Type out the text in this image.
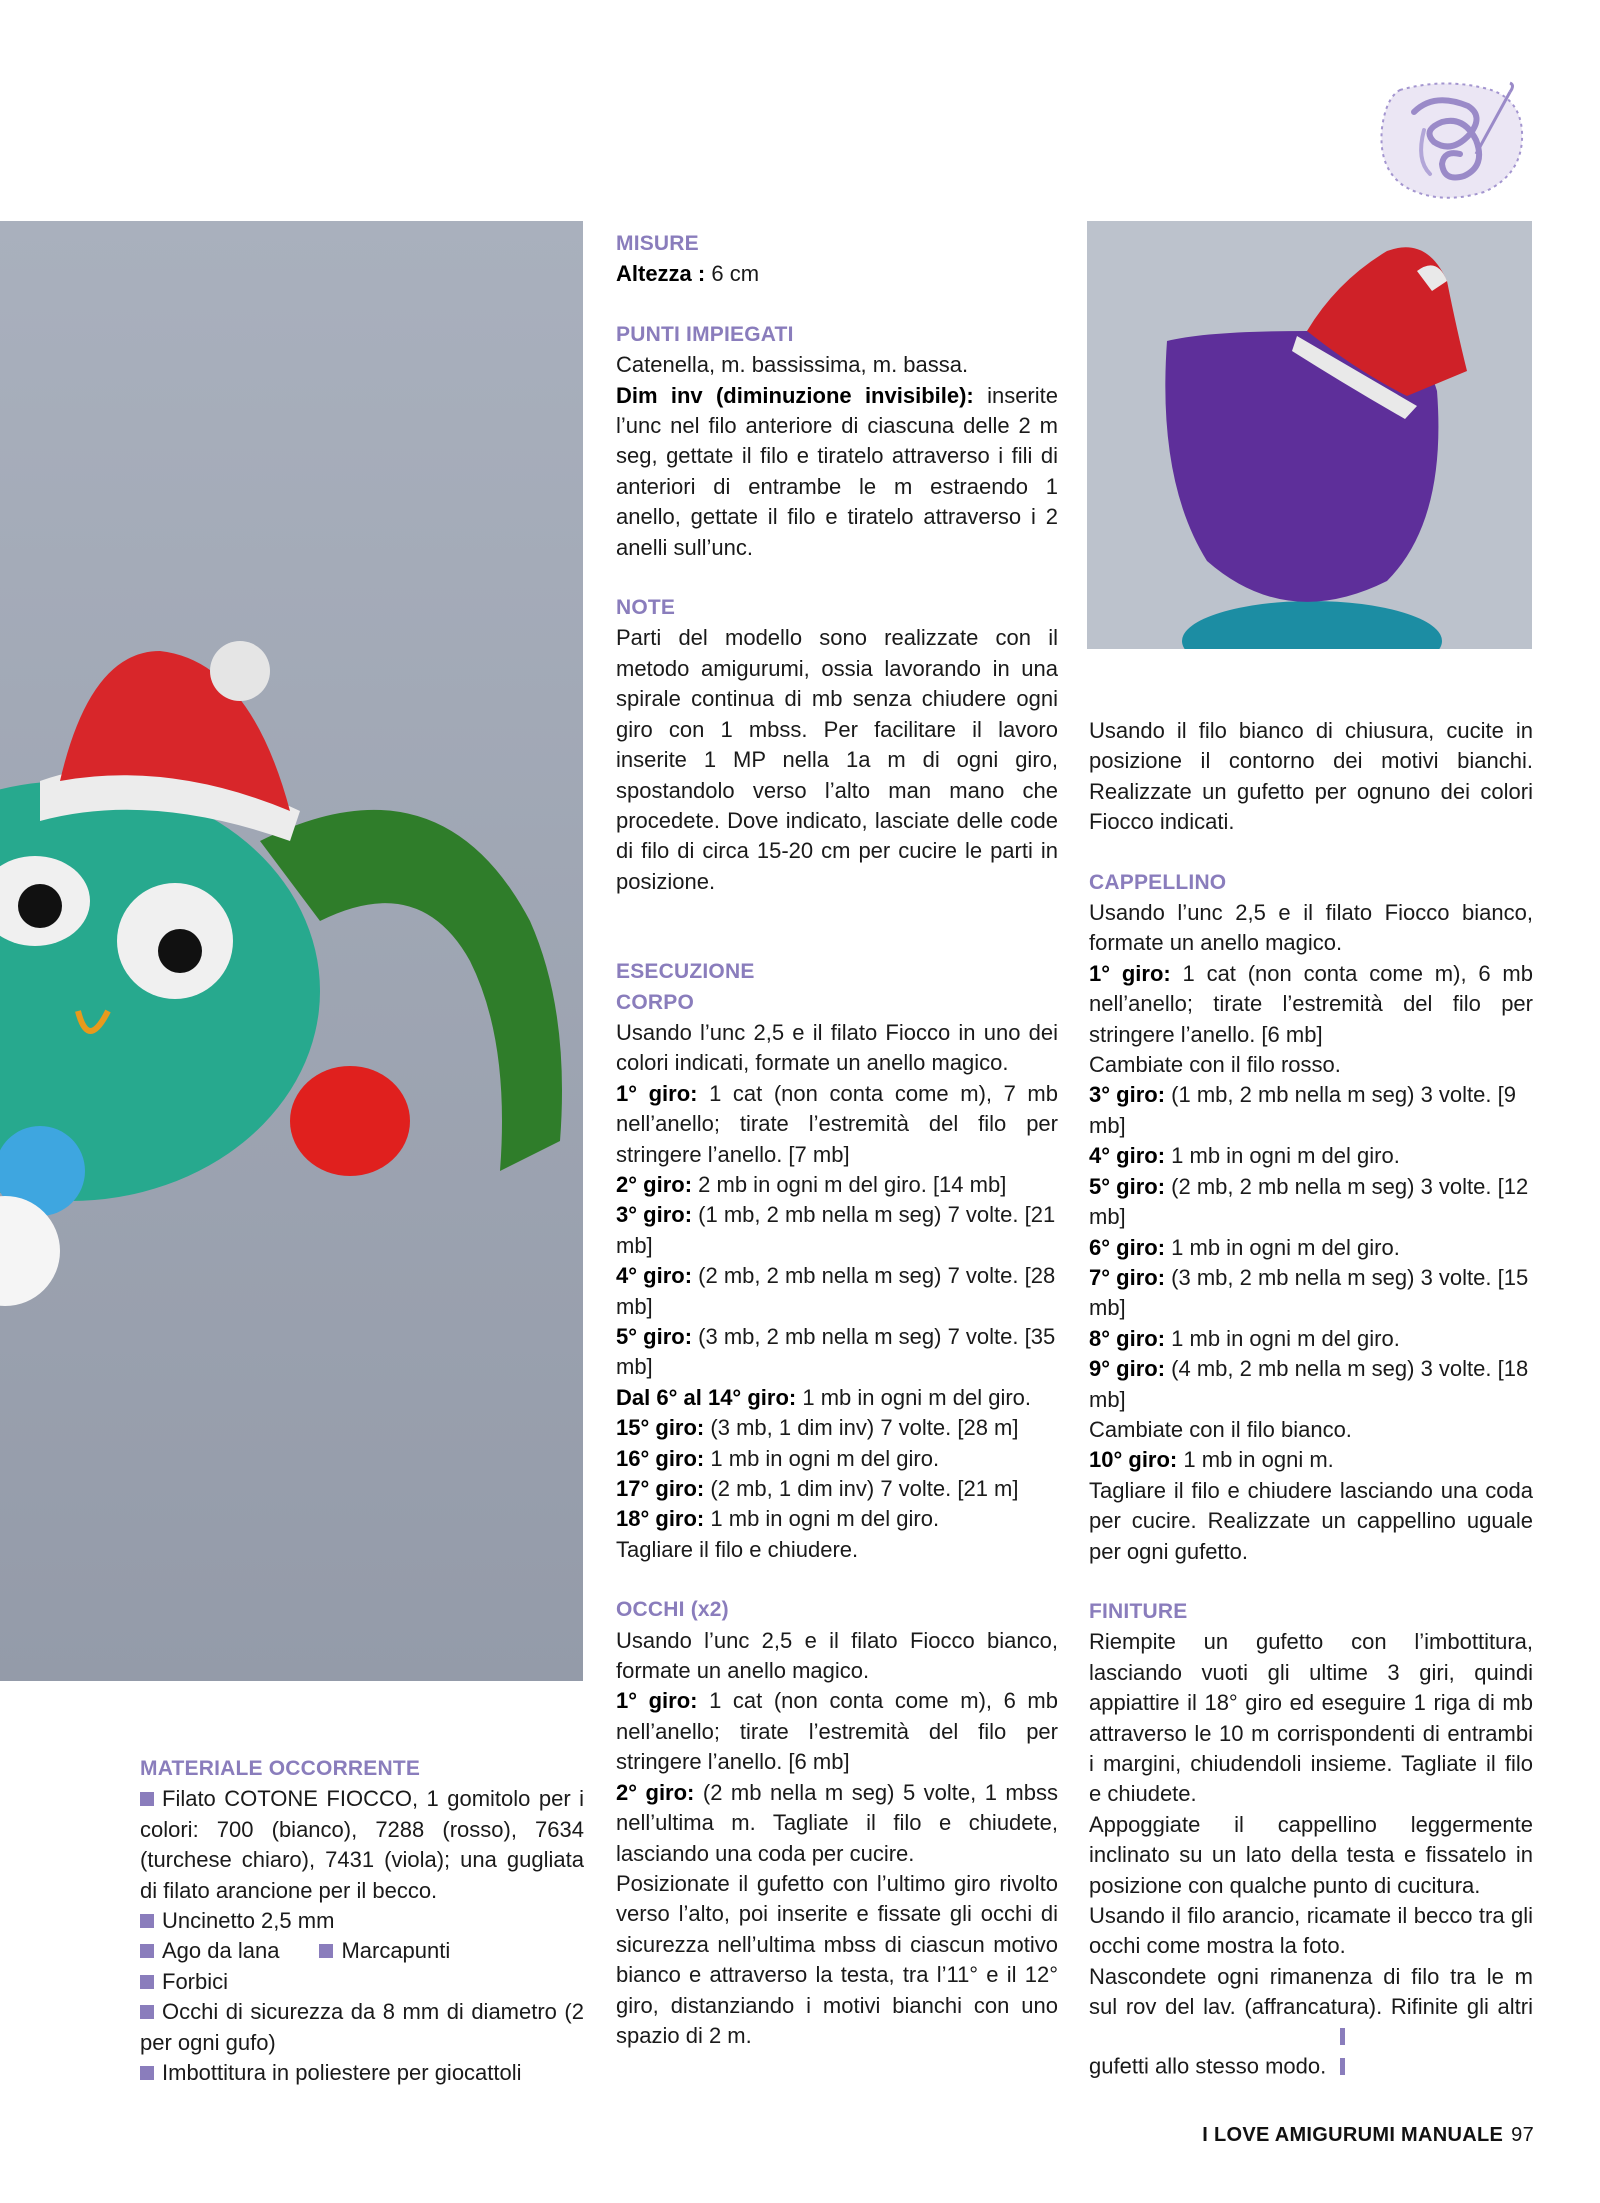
MISURE

Altezza : 6 cm

PUNTI IMPIEGATI

Catenella, m. bassissima, m. bassa.

Dim inv (diminuzione invisibile): inserite l’unc nel filo anteriore di ciascuna delle 2 m seg, gettate il filo e tiratelo attraverso i fili di anteriori di entrambe le m estraendo 1 anello, gettate il filo e tiratelo attraverso i 2 anelli sull’unc.

NOTE

Parti del modello sono realizzate con il metodo amigurumi, ossia lavorando in una spirale continua di mb senza chiudere ogni giro con 1 mbss. Per facilitare il lavoro inserite 1 MP nella 1a m di ogni giro, spostandolo verso l’alto man mano che procedete. Dove indicato, lasciate delle code di filo di circa 15-20 cm per cucire le parti in posizione.

ESECUZIONE

CORPO

Usando l’unc 2,5 e il filato Fiocco in uno dei colori indicati, formate un anello magico.

1° giro: 1 cat (non conta come m), 7 mb nell’anello; tirate l’estremità del filo per stringere l’anello. [7 mb]

2° giro: 2 mb in ogni m del giro. [14 mb]

3° giro: (1 mb, 2 mb nella m seg) 7 volte. [21 mb]

4° giro: (2 mb, 2 mb nella m seg) 7 volte. [28 mb]

5° giro: (3 mb, 2 mb nella m seg) 7 volte. [35 mb]

Dal 6° al 14° giro: 1 mb in ogni m del giro.

15° giro: (3 mb, 1 dim inv) 7 volte. [28 m]

16° giro: 1 mb in ogni m del giro.

17° giro: (2 mb, 1 dim inv) 7 volte. [21 m]

18° giro: 1 mb in ogni m del giro.

Tagliare il filo e chiudere.

OCCHI (x2)

Usando l’unc 2,5 e il filato Fiocco bianco, formate un anello magico.

1° giro: 1 cat (non conta come m), 6 mb nell’anello; tirate l’estremità del filo per stringere l’anello. [6 mb]

2° giro: (2 mb nella m seg) 5 volte, 1 mbss nell’ultima m. Tagliate il filo e chiudete, lasciando una coda per cucire.

Posizionate il gufetto con l’ultimo giro rivolto verso l’alto, poi inserite e fissate gli occhi di sicurezza nell’ultima mbss di ciascun motivo bianco e attraverso la testa, tra l’11° e il 12° giro, distanziando i motivi bianchi con uno spazio di 2 m.

Usando il filo bianco di chiusura, cucite in posizione il contorno dei motivi bianchi. Realizzate un gufetto per ognuno dei colori Fiocco indicati.

CAPPELLINO

Usando l’unc 2,5 e il filato Fiocco bianco, formate un anello magico.

1° giro: 1 cat (non conta come m), 6 mb nell’anello; tirate l’estremità del filo per stringere l’anello. [6 mb]

Cambiate con il filo rosso.

3° giro: (1 mb, 2 mb nella m seg) 3 volte. [9 mb]

4° giro: 1 mb in ogni m del giro.

5° giro: (2 mb, 2 mb nella m seg) 3 volte. [12 mb]

6° giro: 1 mb in ogni m del giro.

7° giro: (3 mb, 2 mb nella m seg) 3 volte. [15 mb]

8° giro: 1 mb in ogni m del giro.

9° giro: (4 mb, 2 mb nella m seg) 3 volte. [18 mb]

Cambiate con il filo bianco.

10° giro: 1 mb in ogni m.

Tagliare il filo e chiudere lasciando una coda per cucire. Realizzate un cappellino uguale per ogni gufetto.

FINITURE

Riempite un gufetto con l’imbottitura, lasciando vuoti gli ultime 3 giri, quindi appiattire il 18° giro ed eseguire 1 riga di mb attraverso le 10 m corrispondenti di entrambi i margini, chiudendoli insieme. Tagliate il filo e chiudete.

Appoggiate il cappellino leggermente inclinato su un lato della testa e fissatelo in posizione con qualche punto di cucitura.

Usando il filo arancio, ricamate il becco tra gli occhi come mostra la foto.

Nascondete ogni rimanenza di filo tra le m sul rov del lav. (affrancatura). Rifinite gli altri gufetti allo stesso modo.

MATERIALE OCCORRENTE

Filato COTONE FIOCCO, 1 gomitolo per i colori: 700 (bianco), 7288 (rosso), 7634 (turchese chiaro), 7431 (viola); una gugliata di filato arancione per il becco.

Uncinetto 2,5 mm

Ago da lana	Marcapunti

Forbici

Occhi di sicurezza da 8 mm di diametro (2 per ogni gufo)

Imbottitura in poliestere per giocattoli

I LOVE AMIGURUMI MANUALE 97
